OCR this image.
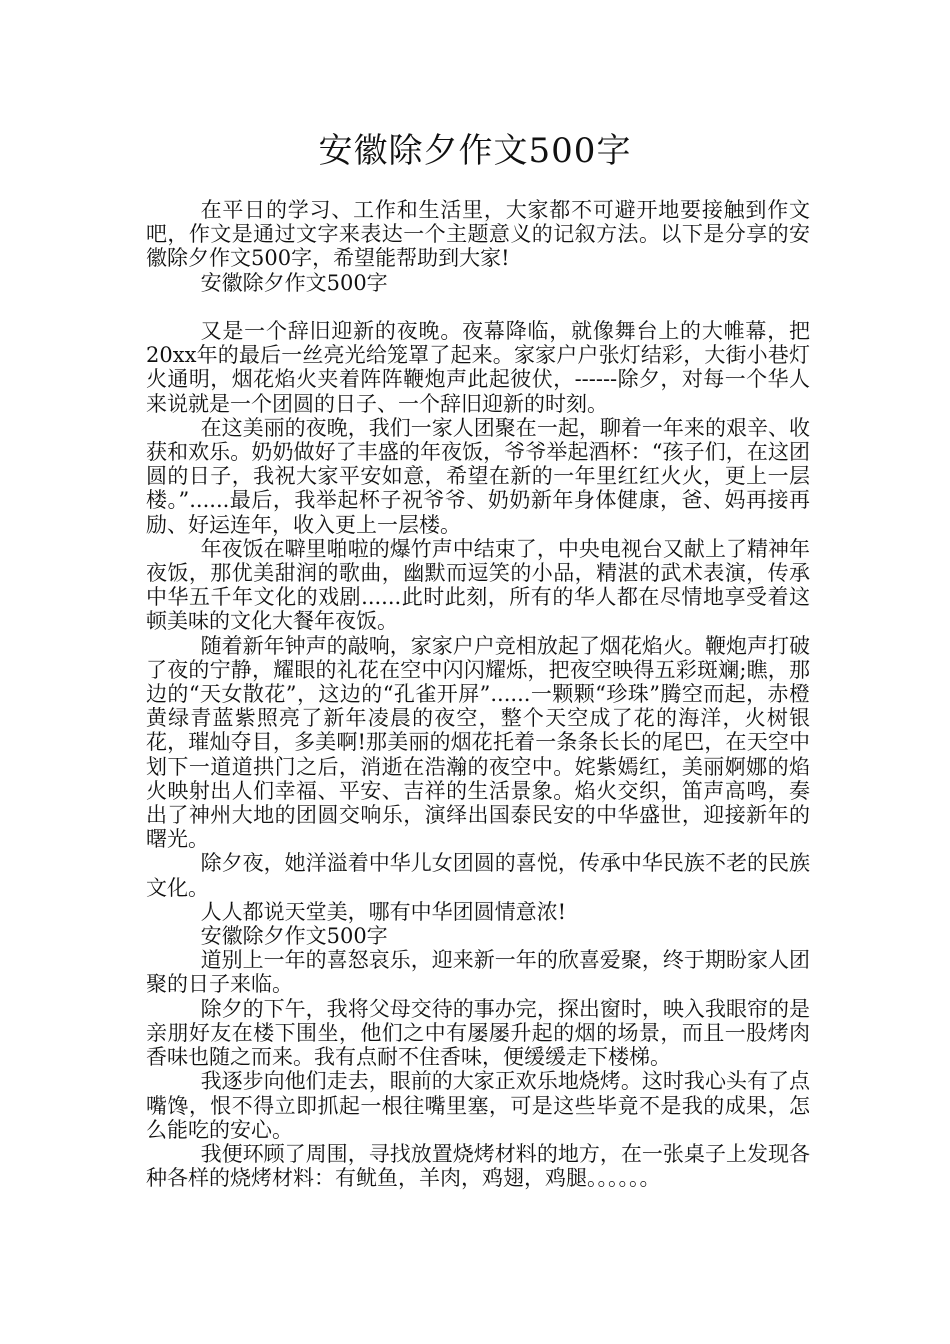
安徽除夕作文500字

在平日的学习、工作和生活里，大家都不可避开地要接触到作文吧，作文是通过文字来表达一个主题意义的记叙方法。以下是分享的安徽除夕作文500字，希望能帮助到大家!

安徽除夕作文500字

又是一个辞旧迎新的夜晚。夜幕降临，就像舞台上的大帷幕，把20xx年的最后一丝亮光给笼罩了起来。家家户户张灯结彩，大街小巷灯火通明，烟花焰火夹着阵阵鞭炮声此起彼伏，------除夕，对每一个华人来说就是一个团圆的日子、一个辞旧迎新的时刻。

在这美丽的夜晚，我们一家人团聚在一起，聊着一年来的艰辛、收获和欢乐。奶奶做好了丰盛的年夜饭，爷爷举起酒杯：“孩子们，在这团圆的日子，我祝大家平安如意，希望在新的一年里红红火火，更上一层楼。”......最后，我举起杯子祝爷爷、奶奶新年身体健康，爸、妈再接再励、好运连年，收入更上一层楼。

年夜饭在噼里啪啦的爆竹声中结束了，中央电视台又献上了精神年夜饭，那优美甜润的歌曲，幽默而逗笑的小品，精湛的武术表演，传承中华五千年文化的戏剧......此时此刻，所有的华人都在尽情地享受着这顿美味的文化大餐年夜饭。

随着新年钟声的敲响，家家户户竞相放起了烟花焰火。鞭炮声打破了夜的宁静，耀眼的礼花在空中闪闪耀烁，把夜空映得五彩斑斓;瞧，那边的“天女散花”，这边的“孔雀开屏”......一颗颗“珍珠”腾空而起，赤橙黄绿青蓝紫照亮了新年凌晨的夜空，整个天空成了花的海洋，火树银花，璀灿夺目，多美啊!那美丽的烟花托着一条条长长的尾巴，在天空中划下一道道拱门之后，消逝在浩瀚的夜空中。姹紫嫣红，美丽婀娜的焰火映射出人们幸福、平安、吉祥的生活景象。焰火交织，笛声高鸣，奏出了神州大地的团圆交响乐，演绎出国泰民安的中华盛世，迎接新年的曙光。

除夕夜，她洋溢着中华儿女团圆的喜悦，传承中华民族不老的民族文化。

人人都说天堂美，哪有中华团圆情意浓!

安徽除夕作文500字

道别上一年的喜怒哀乐，迎来新一年的欣喜爱聚，终于期盼家人团聚的日子来临。

除夕的下午，我将父母交待的事办完，探出窗时，映入我眼帘的是亲朋好友在楼下围坐，他们之中有屡屡升起的烟的场景，而且一股烤肉香味也随之而来。我有点耐不住香味，便缓缓走下楼梯。

我逐步向他们走去，眼前的大家正欢乐地烧烤。这时我心头有了点嘴馋，恨不得立即抓起一根往嘴里塞，可是这些毕竟不是我的成果，怎么能吃的安心。

我便环顾了周围，寻找放置烧烤材料的地方，在一张桌子上发现各种各样的烧烤材料：有鱿鱼，羊肉，鸡翅，鸡腿。。。。。。
